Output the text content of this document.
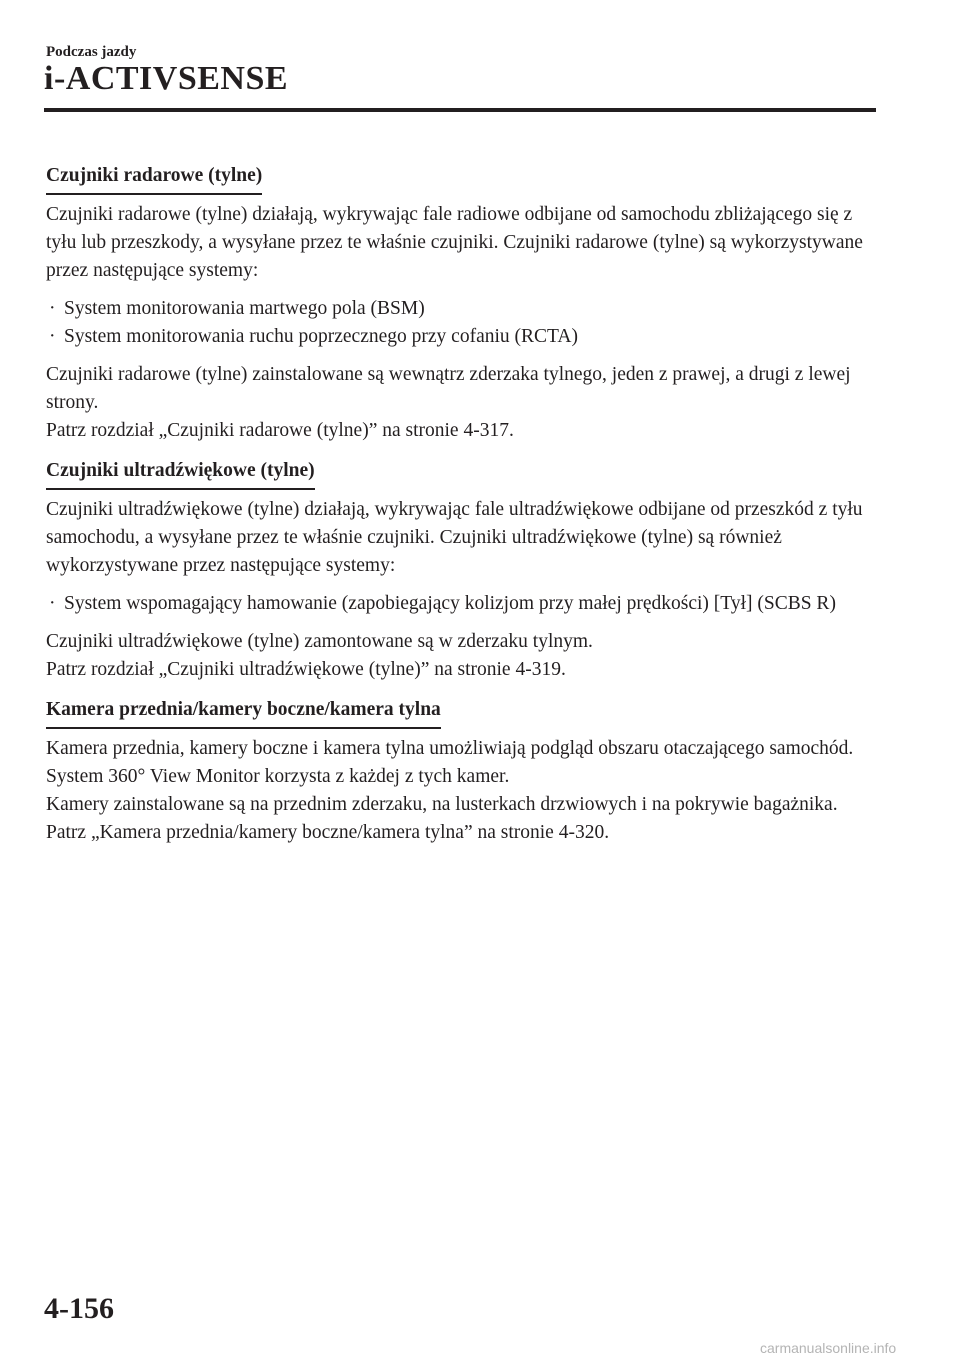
Podczas jazdy
i-ACTIVSENSE
Czujniki radarowe (tylne)

Czujniki radarowe (tylne) działają, wykrywając fale radiowe odbijane od samochodu zbliżającego się z tyłu lub przeszkody, a wysyłane przez te właśnie czujniki. Czujniki radarowe (tylne) są wykorzystywane przez następujące systemy:

· System monitorowania martwego pola (BSM)
· System monitorowania ruchu poprzecznego przy cofaniu (RCTA)

Czujniki radarowe (tylne) zainstalowane są wewnątrz zderzaka tylnego, jeden z prawej, a drugi z lewej strony.

Patrz rozdział „Czujniki radarowe (tylne)” na stronie 4-317.

Czujniki ultradźwiękowe (tylne)

Czujniki ultradźwiękowe (tylne) działają, wykrywając fale ultradźwiękowe odbijane od przeszkód z tyłu samochodu, a wysyłane przez te właśnie czujniki. Czujniki ultradźwiękowe (tylne) są również wykorzystywane przez następujące systemy:

· System wspomagający hamowanie (zapobiegający kolizjom przy małej prędkości) [Tył] (SCBS R)

Czujniki ultradźwiękowe (tylne) zamontowane są w zderzaku tylnym.

Patrz rozdział „Czujniki ultradźwiękowe (tylne)” na stronie 4-319.

Kamera przednia/kamery boczne/kamera tylna

Kamera przednia, kamery boczne i kamera tylna umożliwiają podgląd obszaru otaczającego samochód. System 360° View Monitor korzysta z każdej z tych kamer.

Kamery zainstalowane są na przednim zderzaku, na lusterkach drzwiowych i na pokrywie bagażnika.

Patrz „Kamera przednia/kamery boczne/kamera tylna” na stronie 4-320.

4-156
carmanualsonline.info
